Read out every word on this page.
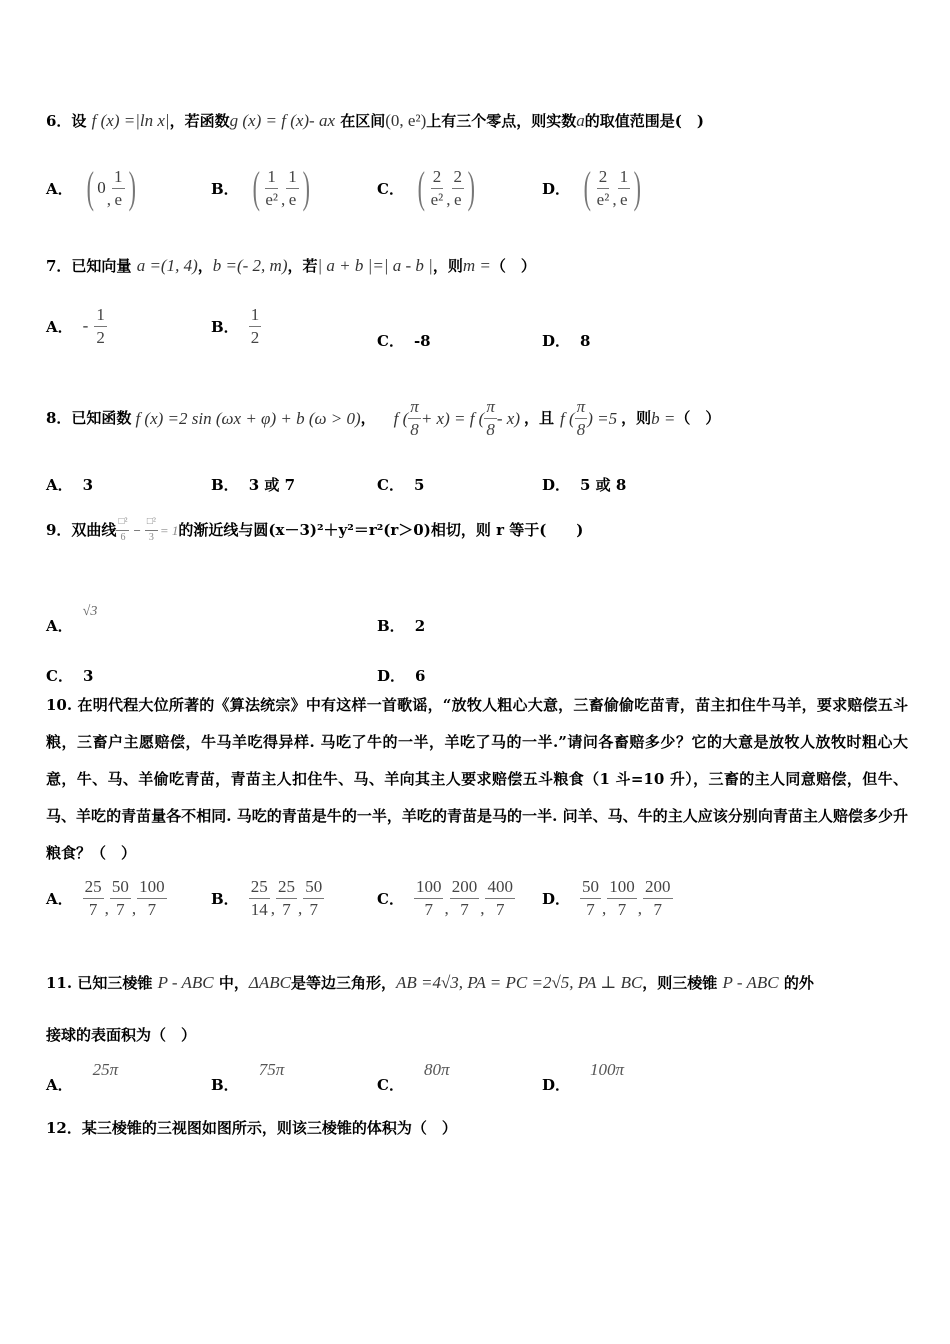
6．设 f (x) =|ln x|，若函数g (x) = f (x)- ax 在区间(0, e²)上有三个零点，则实数a的取值范围是(　)
A． ( 0
, $\frac{1}{e}$ )	B． ( $\frac{1}{\text{e²}}$ , $\frac{1}{e}$ )	C． ( $\frac{2}{\text{e²}}$ , $\frac{2}{e}$ )	D． ( $\frac{2}{\text{e²}}$ , $\frac{1}{e}$ )
7．已知向量 a =(1, 4)，b =(- 2, m)，若| a + b |=| a - b |，则m =（　）
A． - $\frac{1}{2}$	B． $\frac{1}{2}$	C． -8	D． 8
8．已知函数 f (x) =2 sin (ωx + φ) + b (ω > 0) ， f ( $\frac{\pi}{8} + x) = f$ ( $\frac{\pi}{8} - x$) ，且 f ( $\frac{\pi}{8}$ ) =5 ，则 b = （　）
A． 3	B． 3 或 7	C． 5	D． 5 或 8
9．双曲线 $\frac{\text{□²}}{6} - \frac{\text{□²}}{3} = 1$ 的渐近线与圆(x－3)²＋y²＝r²(r＞0)相切，则 r 等于(　　)
A．
√3
B． 2
C． 3	D． 6
10. 在明代程大位所著的《算法统宗》中有这样一首歌谣，“放牧人粗心大意，三畜偷偷吃苗青，苗主扣住牛马羊，要求赔偿五斗粮，三畜户主愿赔偿，牛马羊吃得异样. 马吃了牛的一半，羊吃了马的一半.”请问各畜赔多少？它的大意是放牧人放牧时粗心大意，牛、马、羊偷吃青苗，青苗主人扣住牛、马、羊向其主人要求赔偿五斗粮食（1 斗=10 升），三畜的主人同意赔偿，但牛、马、羊吃的青苗量各不相同. 马吃的青苗是牛的一半，羊吃的青苗是马的一半. 问羊、马、牛的主人应该分别向青苗主人赔偿多少升粮食？（　）
A． $\frac{25}{7}$ , $\frac{50}{7}$ , $\frac{100}{7}$	B． $\frac{25}{14}$ , $\frac{25}{7}$ , $\frac{50}{7}$	C． $\frac{100}{7}$ , $\frac{200}{7}$ , $\frac{400}{7}$ D． $\frac{50}{7}$ , $\frac{100}{7}$ , $\frac{200}{7}$
11. 已知三棱锥 P - ABC 中，ΔABC是等边三角形，AB =4√3, PA = PC =2√5, PA ⊥ BC，则三棱锥 P - ABC 的外
接球的表面积为（　）
A．
25π
B．
75π
C．
80π
D．
100π
12．某三棱锥的三视图如图所示，则该三棱锥的体积为（　）
